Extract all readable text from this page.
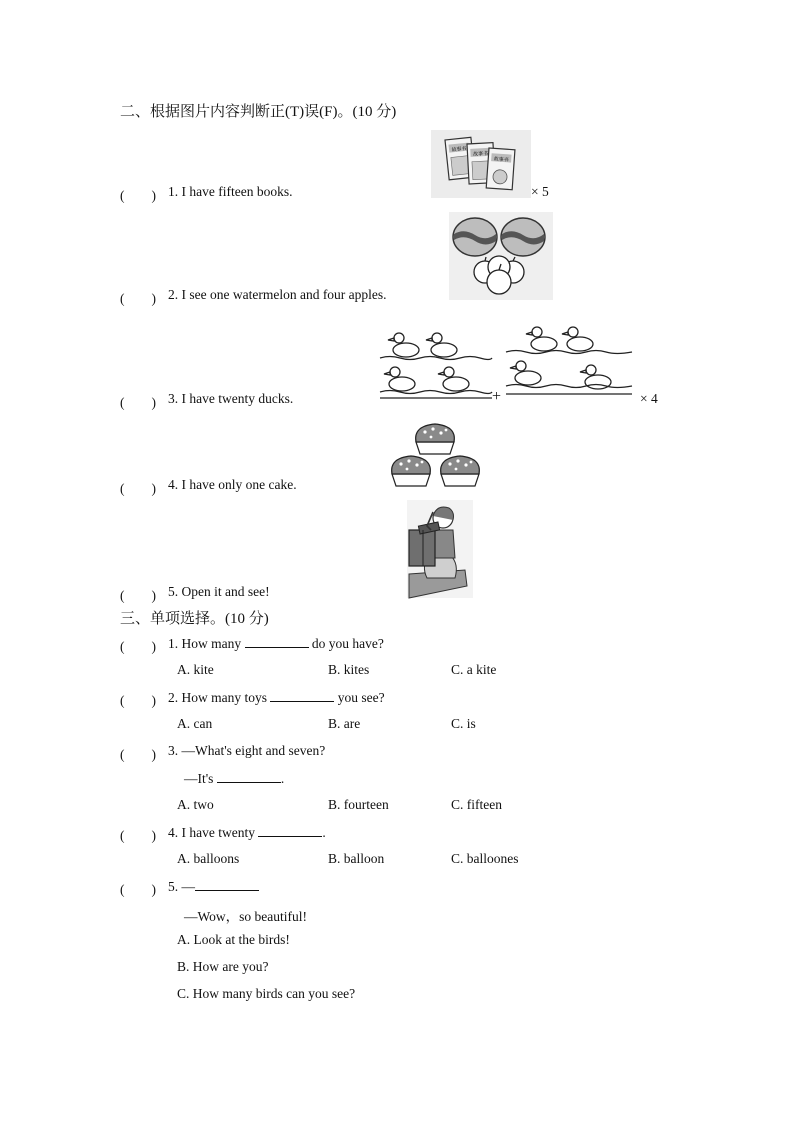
二、根据图片内容判断正(T)误(F)。(10 分)
(　　) 1. I have fifteen books.
故事书
故事书
故事书
× 5
(　　) 2. I see one watermelon and four apples.
(　　) 3. I have twenty ducks.	+	× 4
(　　) 4. I have only one cake.
(　　) 5. Open it and see!
三、单项选择。(10 分)
(　　) 1. How many	do you have?
A. kite	B. kites	C. a kite
(　　) 2. How many toys	you see?
A. can	B. are	C. is
(　　) 3. —What's eight and seven?
—It's	.
A. two	B. fourteen	C. fifteen
(　　) 4. I have twenty	.
A. balloons	B. balloon	C. balloones
(　　) 5. —
—Wow，so beautiful!
A. Look at the birds!
B. How are you?
C. How many birds can you see?
